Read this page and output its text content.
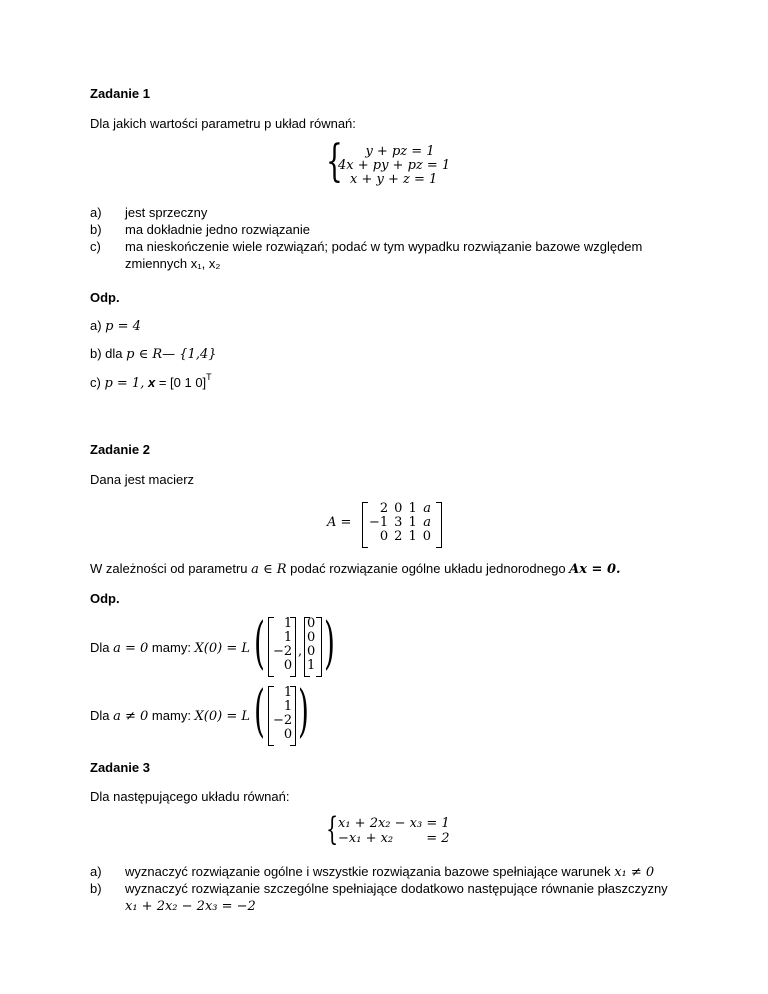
Zadanie 1
Dla jakich wartości parametru p układ równań:
{	y + pz = 1
4x + py + pz = 1
x + y + z = 1
a) jest sprzeczny
b) ma dokładnie jedno rozwiązanie
c) ma nieskończenie wiele rozwiązań; podać w tym wypadku rozwiązanie bazowe względem
zmiennych x₁, x₂
Odp.
a) p = 4
b) dla p ∈ R— {1,4}
c) p = 1, x = [0 1 0]$^T$
Zadanie 2
Dana jest macierz
A =
2	0	1	a
−1	3	1	a
0	2	1	0
W zależności od parametru a ∈ R podać rozwiązanie ogólne układu jednorodnego Ax = 0.
Odp.
Dla a = 0 mamy: X(0) = L ( 1
1
−2
0
,
0
0
0
1 )
Dla a ≠ 0 mamy: X(0) = L ( 1
1
−2
0 )
Zadanie 3
Dla następującego układu równań:
{ x₁ + 2x₂ − x₃ = 1
−x₁ + x₂        = 2
a) wyznaczyć rozwiązanie ogólne i wszystkie rozwiązania bazowe spełniające warunek x₁ ≠ 0
b) wyznaczyć rozwiązanie szczególne spełniające dodatkowo następujące równanie płaszczyzny
x₁ + 2x₂ − 2x₃ = −2
